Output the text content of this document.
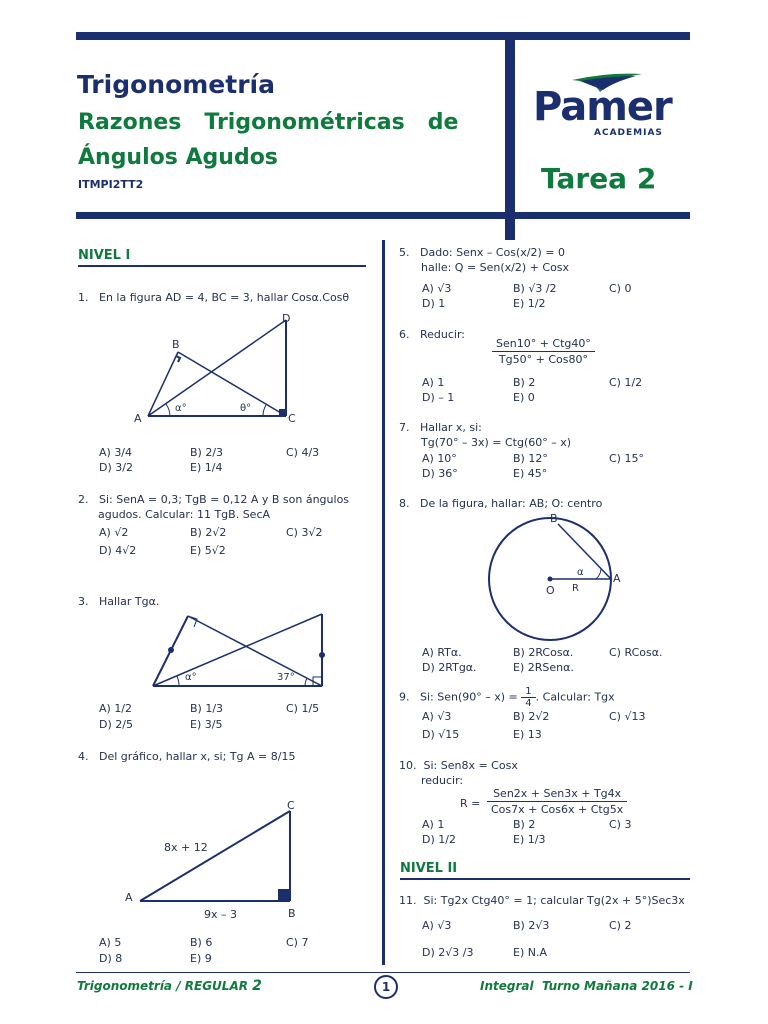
Trigonometría
Razones   Trigonométricas   de
Ángulos Agudos
ITMPI2TT2
Pamer
ACADEMIAS
Tarea 2
NIVEL I
1. En la figura AD = 4, BC = 3, hallar Cosα.Cosθ
D
B
A	C
α°	θ°
A) 3/4	B) 2/3	C) 4/3
D) 3/2	E) 1/4
2. Si: SenA = 0,3; TgB = 0,12 A y B son ángulos
agudos. Calcular: 11 TgB. SecA
A) √2	B) 2√2	C) 3√2
D) 4√2	E) 5√2
3. Hallar Tgα.
α°	37°
A) 1/2	B) 1/3	C) 1/5
D) 2/5	E) 3/5
4. Del gráfico, hallar x, si; Tg A = 8/15
C
A
B
8x + 12
9x – 3
A) 5	B) 6	C) 7
D) 8	E) 9
5. Dado: Senx – Cos(x/2) = 0
halle: Q = Sen(x/2) + Cosx
A) √3	B) √3 /2	C) 0
D) 1	E) 1/2
6. Reducir:
Sen10° + Ctg40°
Tg50° + Cos80°
A) 1	B) 2	C) 1/2
D) – 1	E) 0
7. Hallar x, si:
Tg(70° – 3x) = Ctg(60° – x)
A) 10°	B) 12°	C) 15°
D) 36°	E) 45°
8. De la figura, hallar: AB; O: centro
B
A
O R
α
A) RTα.	B) 2RCosα.	C) RCosα.
D) 2RTgα.	E) 2RSenα.
9. Si: $Sen(90^\circ - x) = \frac{1}{4}$ . Calcular: Tgx
A) √3	B) 2√2	C) √13
D) √15	E) 13
10. Si: Sen8x = Cosx
reducir:
R =
Sen2x + Sen3x + Tg4x
Cos7x + Cos6x + Ctg5x
A) 1	B) 2	C) 3
D) 1/2	E) 1/3
NIVEL II
11. Si: Tg2x Ctg40° = 1; calcular Tg(2x + 5°)Sec3x
A) √3	B) 2√3	C) 2
D) 2√3 /3	E) N.A
Trigonometría / REGULAR 2	1	Integral  Turno Mañana 2016 - I
